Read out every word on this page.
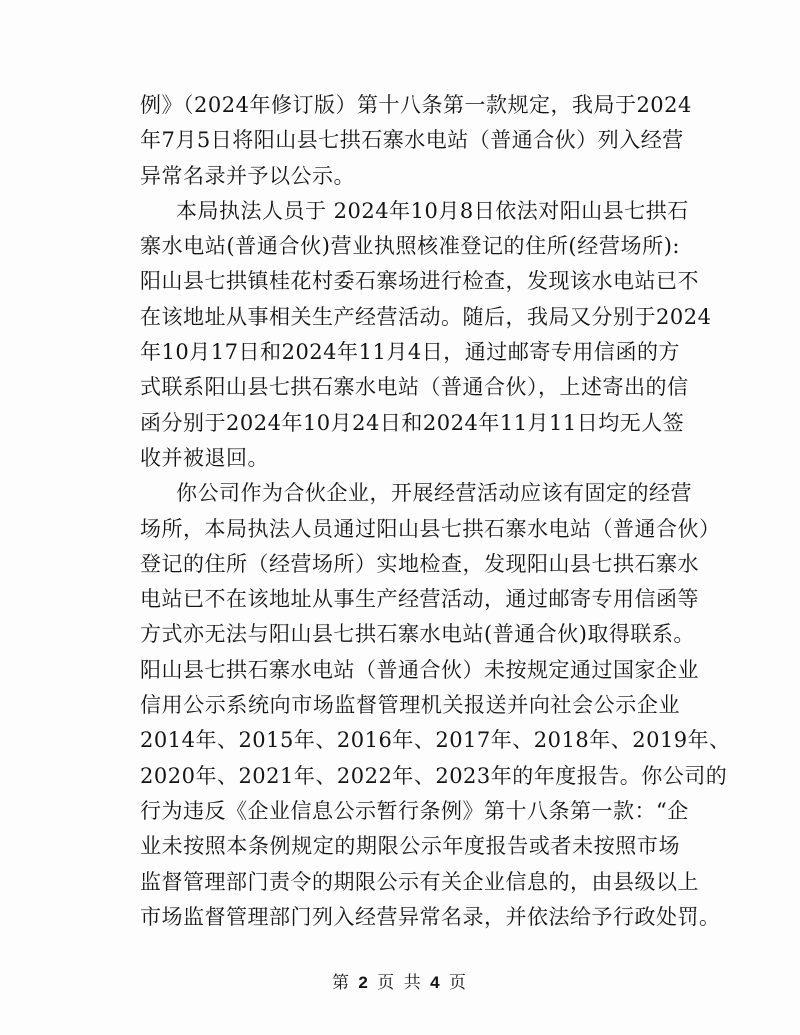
例》（2024年修订版）第十八条第一款规定，我局于2024
年7月5日将阳山县七拱石寨水电站（普通合伙）列入经营
异常名录并予以公示。
本局执法人员于 2024年10月8日依法对阳山县七拱石
寨水电站(普通合伙)营业执照核准登记的住所(经营场所):
阳山县七拱镇桂花村委石寨场进行检查，发现该水电站已不
在该地址从事相关生产经营活动。随后，我局又分别于2024
年10月17日和2024年11月4日，通过邮寄专用信函的方
式联系阳山县七拱石寨水电站（普通合伙），上述寄出的信
函分别于2024年10月24日和2024年11月11日均无人签
收并被退回。
你公司作为合伙企业，开展经营活动应该有固定的经营
场所，本局执法人员通过阳山县七拱石寨水电站（普通合伙）
登记的住所（经营场所）实地检查，发现阳山县七拱石寨水
电站已不在该地址从事生产经营活动，通过邮寄专用信函等
方式亦无法与阳山县七拱石寨水电站(普通合伙)取得联系。
阳山县七拱石寨水电站（普通合伙）未按规定通过国家企业
信用公示系统向市场监督管理机关报送并向社会公示企业
2014年、2015年、2016年、2017年、2018年、2019年、
2020年、2021年、2022年、2023年的年度报告。你公司的
行为违反《企业信息公示暂行条例》第十八条第一款：“企
业未按照本条例规定的期限公示年度报告或者未按照市场
监督管理部门责令的期限公示有关企业信息的，由县级以上
市场监督管理部门列入经营异常名录，并依法给予行政处罚。
第 2 页 共 4 页
